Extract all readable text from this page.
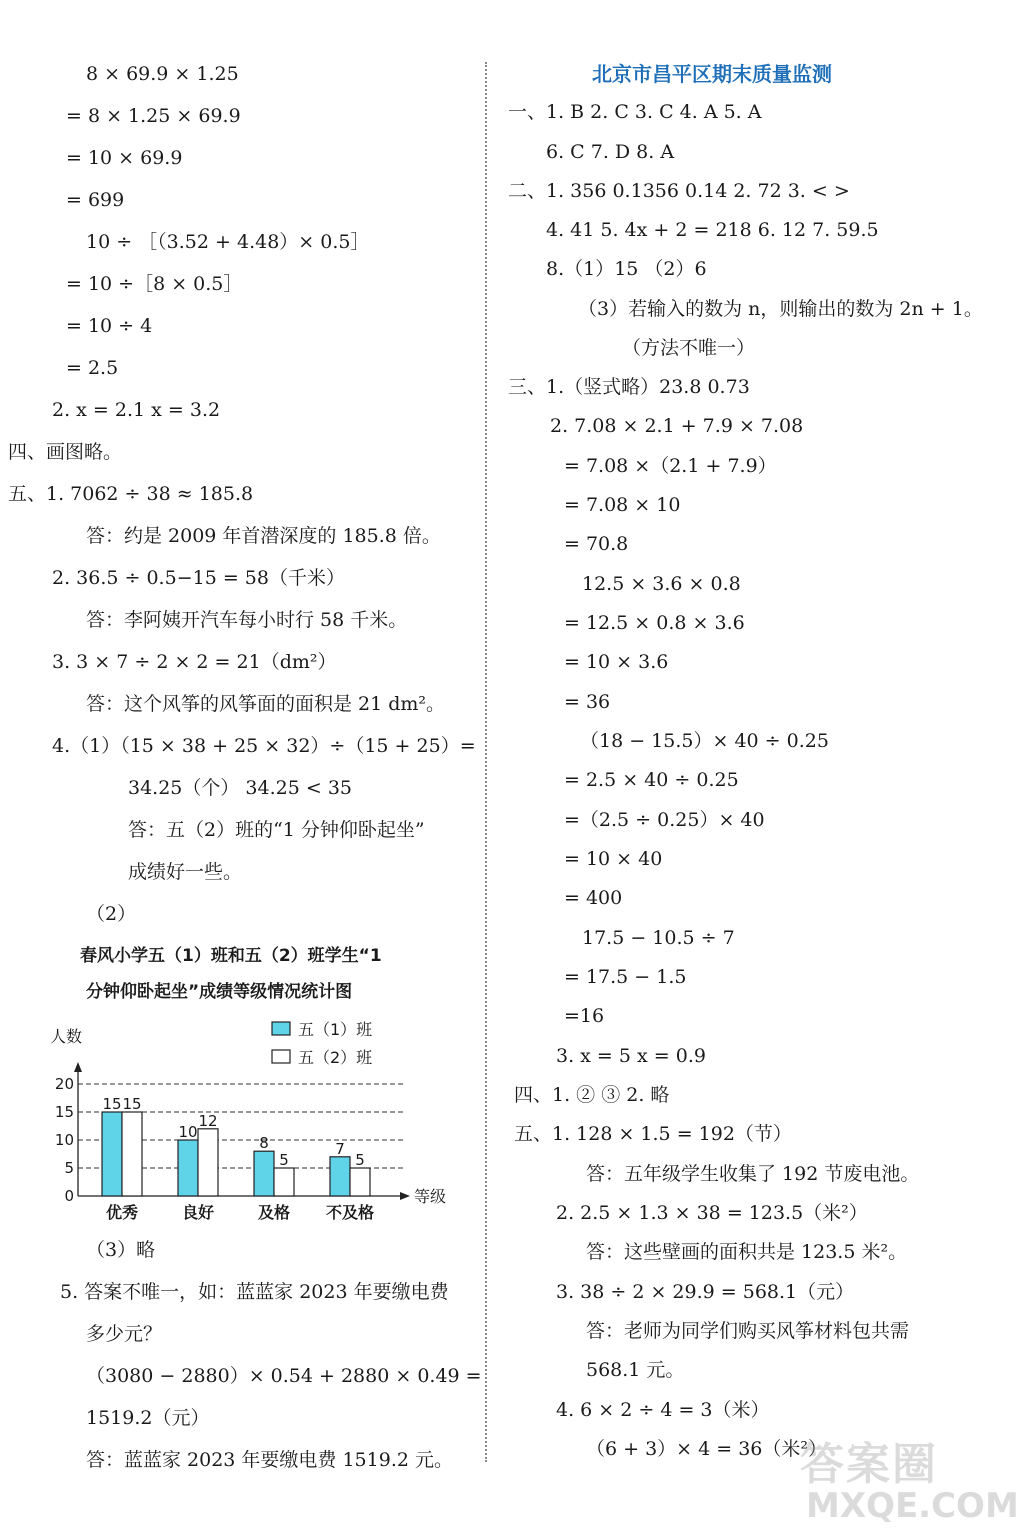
8 × 69.9 × 1.25
= 8 × 1.25 × 69.9
= 10 × 69.9
= 699
10 ÷ ［（3.52 + 4.48）× 0.5］
= 10 ÷［8 × 0.5］
= 10 ÷ 4
= 2.5
2. x = 2.1 x = 3.2
四、画图略。
五、1. 7062 ÷ 38 ≈ 185.8
答：约是 2009 年首潜深度的 185.8 倍。
2. 36.5 ÷ 0.5−15 = 58（千米）
答：李阿姨开汽车每小时行 58 千米。
3. 3 × 7 ÷ 2 × 2 = 21（dm²）
答：这个风筝的风筝面的面积是 21 dm²。
4.（1）（15 × 38 + 25 × 32）÷（15 + 25）=
34.25（个） 34.25 < 35
答：五（2）班的“1 分钟仰卧起坐”
成绩好一些。
（2）
春风小学五（1）班和五（2）班学生“1
分钟仰卧起坐”成绩等级情况统计图
人数
0
5
10
15
20
等级
五（1）班
五（2）班
15 15
优秀
10
12
良好
8
5
及格
7
5
不及格
（3）略
5. 答案不唯一，如：蓝蓝家 2023 年要缴电费
多少元？
（3080 − 2880）× 0.54 + 2880 × 0.49 =
1519.2（元）
答：蓝蓝家 2023 年要缴电费 1519.2 元。
北京市昌平区期末质量监测
一、1. B 2. C 3. C 4. A 5. A
6. C 7. D 8. A
二、1. 356 0.1356 0.14 2. 72 3. < >
4. 41 5. 4x + 2 = 218 6. 12 7. 59.5
8.（1）15 （2）6
（3）若输入的数为 n，则输出的数为 2n + 1。
（方法不唯一）
三、1.（竖式略）23.8 0.73
2. 7.08 × 2.1 + 7.9 × 7.08
= 7.08 ×（2.1 + 7.9）
= 7.08 × 10
= 70.8
12.5 × 3.6 × 0.8
= 12.5 × 0.8 × 3.6
= 10 × 3.6
= 36
（18 − 15.5）× 40 ÷ 0.25
= 2.5 × 40 ÷ 0.25
=（2.5 ÷ 0.25）× 40
= 10 × 40
= 400
17.5 − 10.5 ÷ 7
= 17.5 − 1.5
=16
3. x = 5 x = 0.9
四、1. ② ③ 2. 略
五、1. 128 × 1.5 = 192（节）
答：五年级学生收集了 192 节废电池。
2. 2.5 × 1.3 × 38 = 123.5（米²）
答：这些壁画的面积共是 123.5 米²。
3. 38 ÷ 2 × 29.9 = 568.1（元）
答：老师为同学们购买风筝材料包共需
568.1 元。
4. 6 × 2 ÷ 4 = 3（米）
（6 + 3）× 4 = 36（米²）
答案圈
MXQE.COM
